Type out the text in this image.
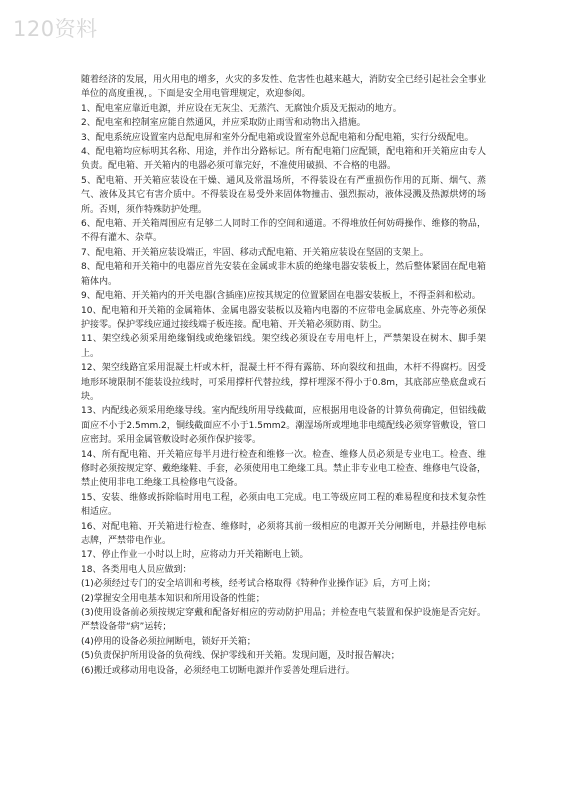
120资料

随着经济的发展，用火用电的增多，火灾的多发性、危害性也越来越大，消防安全已经引起社会全事业单位的高度重视，。下面是安全用电管理规定，欢迎参阅。

1、配电室应靠近电源，并应设在无灰尘、无蒸汽、无腐蚀介质及无振动的地方。

2、配电室和控制室应能自然通风，并应采取防止雨雪和动物出入措施。

3、配电系统应设置室内总配电屏和室外分配电箱或设置室外总配电箱和分配电箱，实行分级配电。

4、配电箱均应标明其名称、用途，并作出分路标记。所有配电箱门应配锁，配电箱和开关箱应由专人负责。配电箱、开关箱内的电器必须可靠完好，不准使用破损、不合格的电器。

5、配电箱、开关箱应装设在干燥、通风及常温场所，不得装设在有严重损伤作用的瓦斯、烟气、蒸气、液体及其它有害介质中。不得装设在易受外来固体物撞击、强烈振动，液体浸溅及热源烘烤的场所。否则，须作特殊防护处理。

6、配电箱、开关箱周围应有足够二人同时工作的空间和通道。不得堆放任何妨碍操作、维修的物品，不得有灌木、杂草。

7、配电箱、开关箱应装设端正，牢固、移动式配电箱、开关箱应装设在坚固的支架上。

8、配电箱和开关箱中的电器应首先安装在金属或非木质的绝缘电器安装板上，然后整体紧固在配电箱箱体内。

9、配电箱、开关箱内的开关电器(含插座)应按其规定的位置紧固在电器安装板上，不得歪斜和松动。

10、配电箱和开关箱的金属箱体、金属电器安装板以及箱内电器的不应带电金属底座、外壳等必须保护接零。保护零线应通过接线端子板连接。配电箱、开关箱必须防雨、防尘。

11、架空线必须采用绝缘铜线或绝缘铝线。架空线必须设在专用电杆上，严禁架设在树木、脚手架上。

12、架空线路宜采用混凝土杆或木杆，混凝土杆不得有露筋、环向裂纹和扭曲，木杆不得腐朽。因受地形环境限制不能装设拉线时，可采用撑杆代替拉线，撑杆埋深不得小于0.8m，其底部应垫底盘或石块。

13、内配线必须采用绝缘导线。室内配线所用导线截面，应根据用电设备的计算负荷确定，但铝线截面应不小于2.5mm.2，铜线截面应不小于1.5mm2。潮湿场所或埋地非电缆配线必须穿管敷设，管口应密封。采用金属管敷设时必须作保护接零。

14、所有配电箱、开关箱应每半月进行检查和维修一次。检查、维修人员必须是专业电工。检查、维修时必须按规定穿、戴绝缘鞋、手套，必须使用电工绝缘工具。禁止非专业电工检查、维修电气设备，禁止使用非电工绝缘工具检修电气设备。

15、安装、维修或拆除临时用电工程，必须由电工完成。电工等级应同工程的难易程度和技术复杂性相适应。

16、对配电箱、开关箱进行检查、维修时，必须将其前一级相应的电源开关分闸断电，并悬挂停电标志牌，严禁带电作业。

17、停止作业一小时以上时，应将动力开关箱断电上锁。

18、各类用电人员应做到：

(1)必须经过专门的安全培训和考核，经考试合格取得《特种作业操作证》后，方可上岗；

(2)掌握安全用电基本知识和所用设备的性能；

(3)使用设备前必须按规定穿戴和配备好相应的劳动防护用品；并检查电气装置和保护设施是否完好。严禁设备带“病”运转；

(4)停用的设备必须拉闸断电，锁好开关箱；

(5)负责保护所用设备的负荷线、保护零线和开关箱。发现问题，及时报告解决；

(6)搬迁或移动用电设备，必须经电工切断电源并作妥善处理后进行。
